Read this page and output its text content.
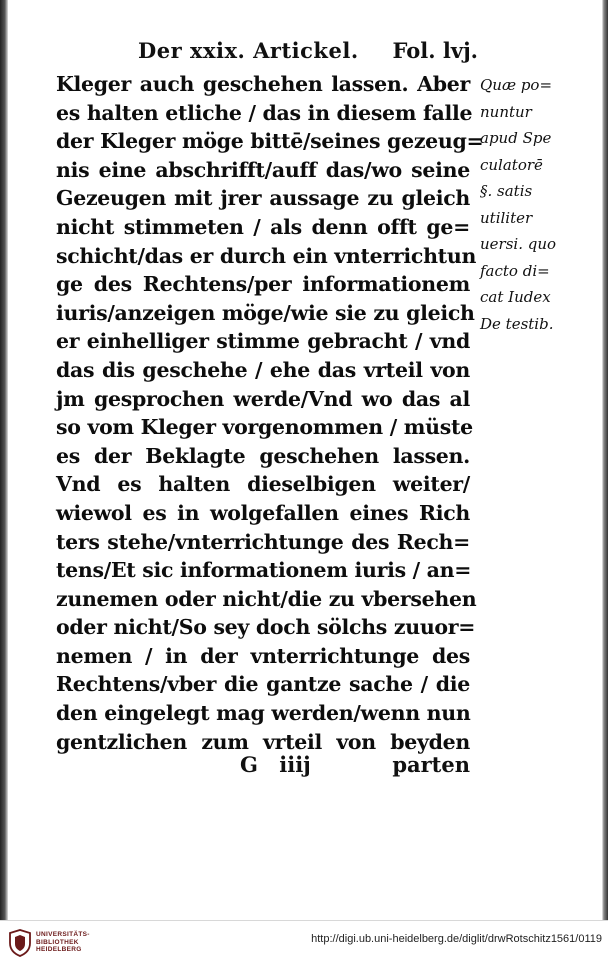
Der xxix. Artickel. Fol. lvj.
Kleger auch geschehen lassen. Aber
es halten etliche / das in diesem falle
der Kleger möge bittē/seines gezeug=
nis eine abschrifft/auff das/wo seine
Gezeugen mit jrer aussage zu gleich
nicht stimmeten / als denn offt ge=
schicht/das er durch ein vnterrichtun
ge des Rechtens/per informationem
iuris/anzeigen möge/wie sie zu gleich
er einhelliger stimme gebracht / vnd
das dis geschehe / ehe das vrteil von
jm gesprochen werde/Vnd wo das al
so vom Kleger vorgenommen / müste
es der Beklagte geschehen lassen.
Vnd es halten dieselbigen weiter/
wiewol es in wolgefallen eines Rich
ters stehe/vnterrichtunge des Rech=
tens/Et sic informationem iuris / an=
zunemen oder nicht/die zu vbersehen
oder nicht/So sey doch sölchs zuuor=
nemen / in der vnterrichtunge des
Rechtens/vber die gantze sache / die
den eingelegt mag werden/wenn nun
gentzlichen zum vrteil von beyden
G iiij	parten
Quæ po=
nuntur
apud Spe
culatorē
§. satis
utiliter
uersi. quo
facto di=
cat Iudex
De testib.
UNIVERSITÄTS-
BIBLIOTHEK
HEIDELBERG
http://digi.ub.uni-heidelberg.de/diglit/drwRotschitz1561/0119
